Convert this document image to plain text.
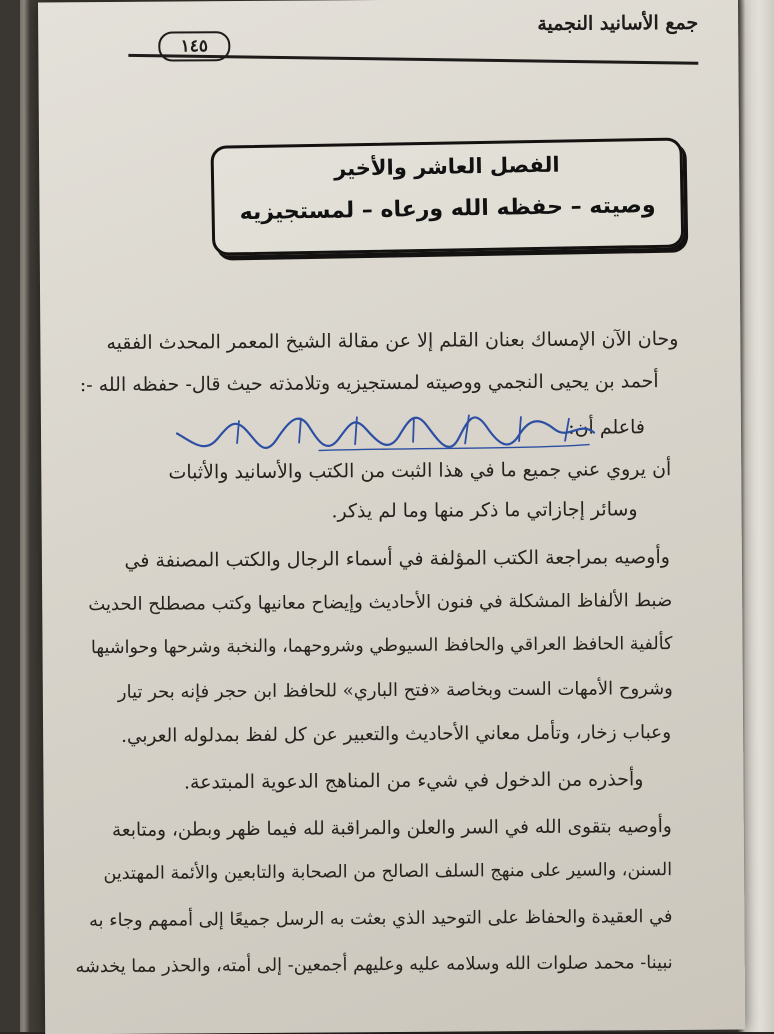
جمع الأسانيد النجمية
١٤٥
الفصل العاشر والأخير
وصيته – حفظه الله ورعاه – لمستجيزيه
وحان الآن الإمساك بعنان القلم إلا عن مقالة الشيخ المعمر المحدث الفقيه
أحمد بن يحيى النجمي ووصيته لمستجيزيه وتلامذته حيث قال- حفظه الله -:
فاعلم أن:
أن يروي عني جميع ما في هذا الثبت من الكتب والأسانيد والأثبات
وسائر إجازاتي ما ذكر منها وما لم يذكر.
وأوصيه بمراجعة الكتب المؤلفة في أسماء الرجال والكتب المصنفة في
ضبط الألفاظ المشكلة في فنون الأحاديث وإيضاح معانيها وكتب مصطلح الحديث
كألفية الحافظ العراقي والحافظ السيوطي وشروحهما، والنخبة وشرحها وحواشيها
وشروح الأمهات الست وبخاصة «فتح الباري» للحافظ ابن حجر فإنه بحر تيار
وعباب زخار، وتأمل معاني الأحاديث والتعبير عن كل لفظ بمدلوله العربي.
وأحذره من الدخول في شيء من المناهج الدعوية المبتدعة.
وأوصيه بتقوى الله في السر والعلن والمراقبة لله فيما ظهر وبطن، ومتابعة
السنن، والسير على منهج السلف الصالح من الصحابة والتابعين والأئمة المهتدين
في العقيدة والحفاظ على التوحيد الذي بعثت به الرسل جميعًا إلى أممهم وجاء به
نبينا- محمد صلوات الله وسلامه عليه وعليهم أجمعين- إلى أمته، والحذر مما يخدشه
